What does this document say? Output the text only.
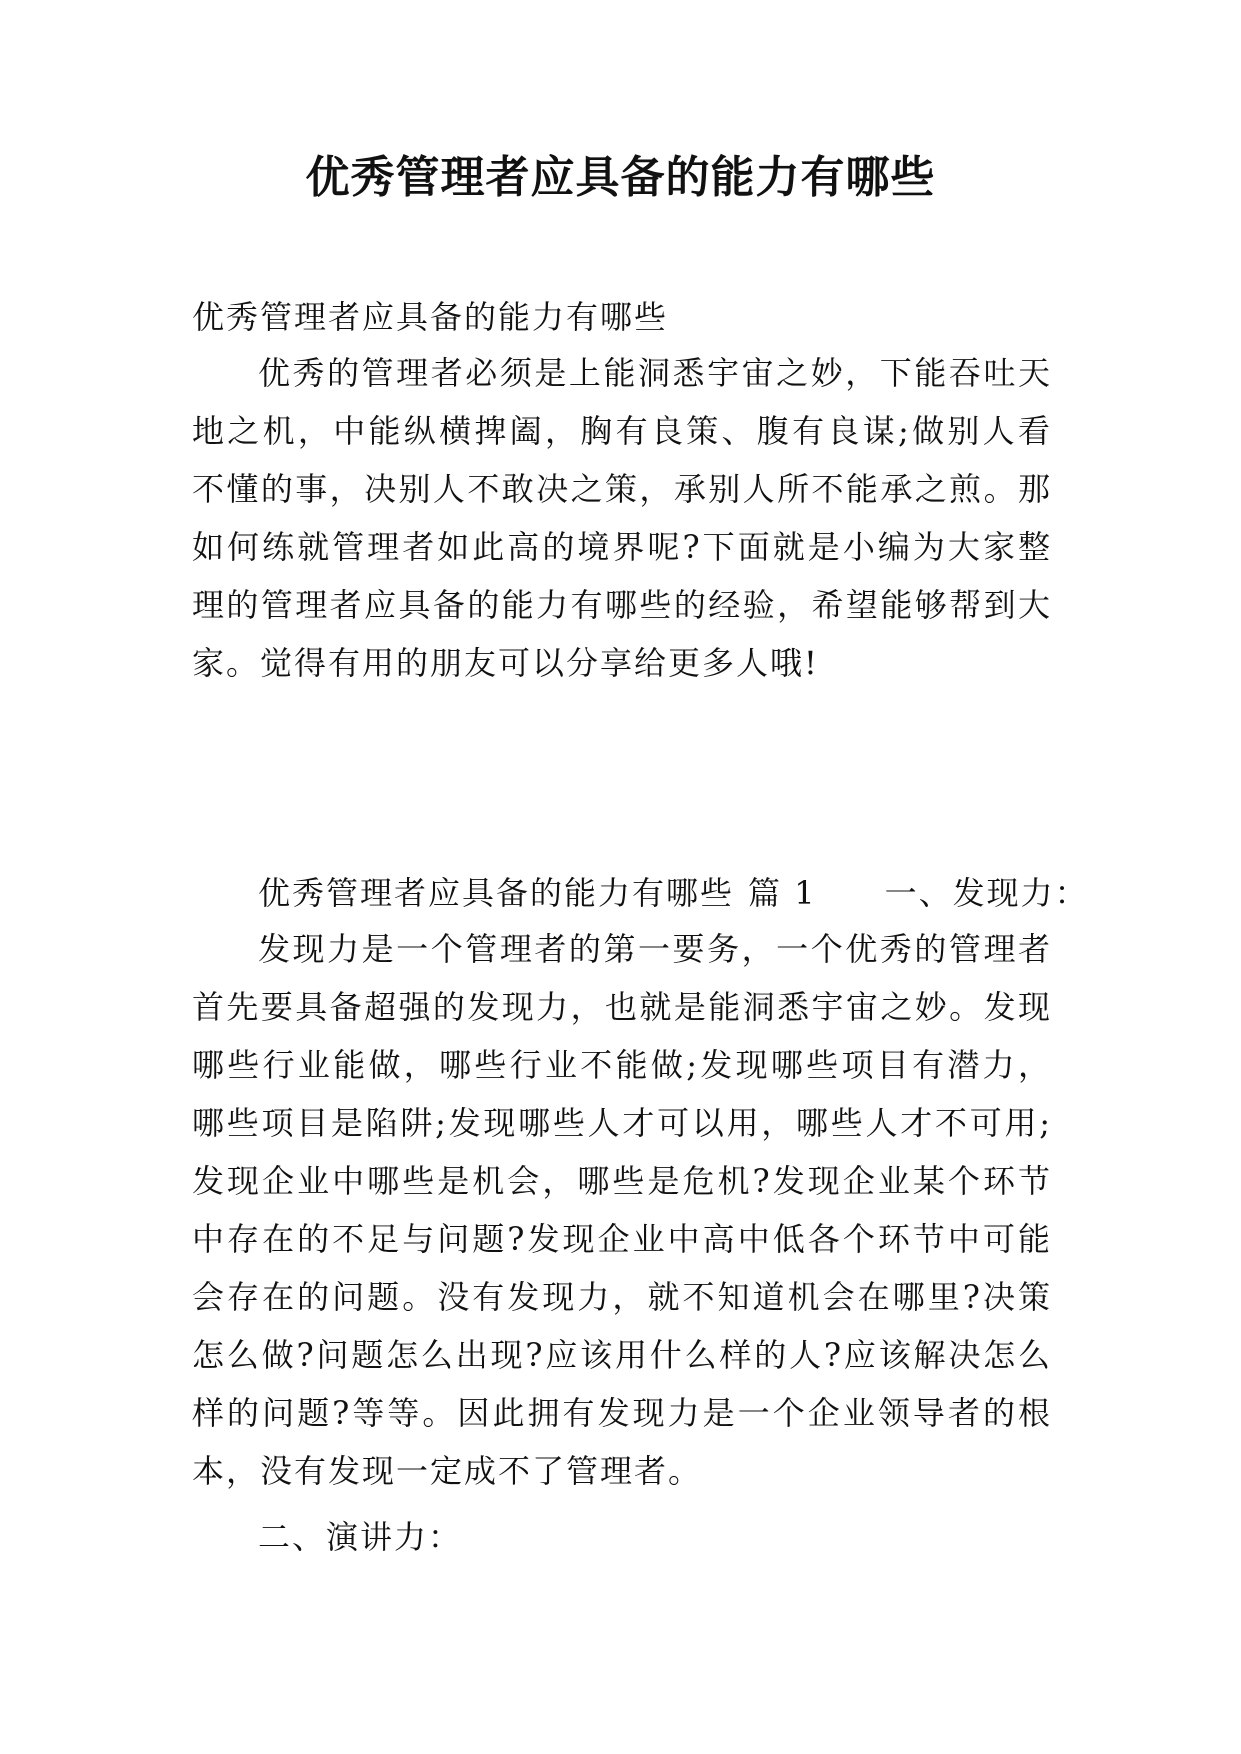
优秀管理者应具备的能力有哪些

优秀管理者应具备的能力有哪些

优秀的管理者必须是上能洞悉宇宙之妙，下能吞吐天地之机，中能纵横捭阖，胸有良策、腹有良谋;做别人看不懂的事，决别人不敢决之策，承别人所不能承之煎。那如何练就管理者如此高的境界呢?下面就是小编为大家整理的管理者应具备的能力有哪些的经验，希望能够帮到大家。觉得有用的朋友可以分享给更多人哦!

优秀管理者应具备的能力有哪些 篇 1 一、发现力：

发现力是一个管理者的第一要务，一个优秀的管理者首先要具备超强的发现力，也就是能洞悉宇宙之妙。发现哪些行业能做，哪些行业不能做;发现哪些项目有潜力，哪些项目是陷阱;发现哪些人才可以用，哪些人才不可用;发现企业中哪些是机会，哪些是危机?发现企业某个环节中存在的不足与问题?发现企业中高中低各个环节中可能会存在的问题。没有发现力，就不知道机会在哪里?决策怎么做?问题怎么出现?应该用什么样的人?应该解决怎么样的问题?等等。因此拥有发现力是一个企业领导者的根本，没有发现一定成不了管理者。

二、演讲力：
